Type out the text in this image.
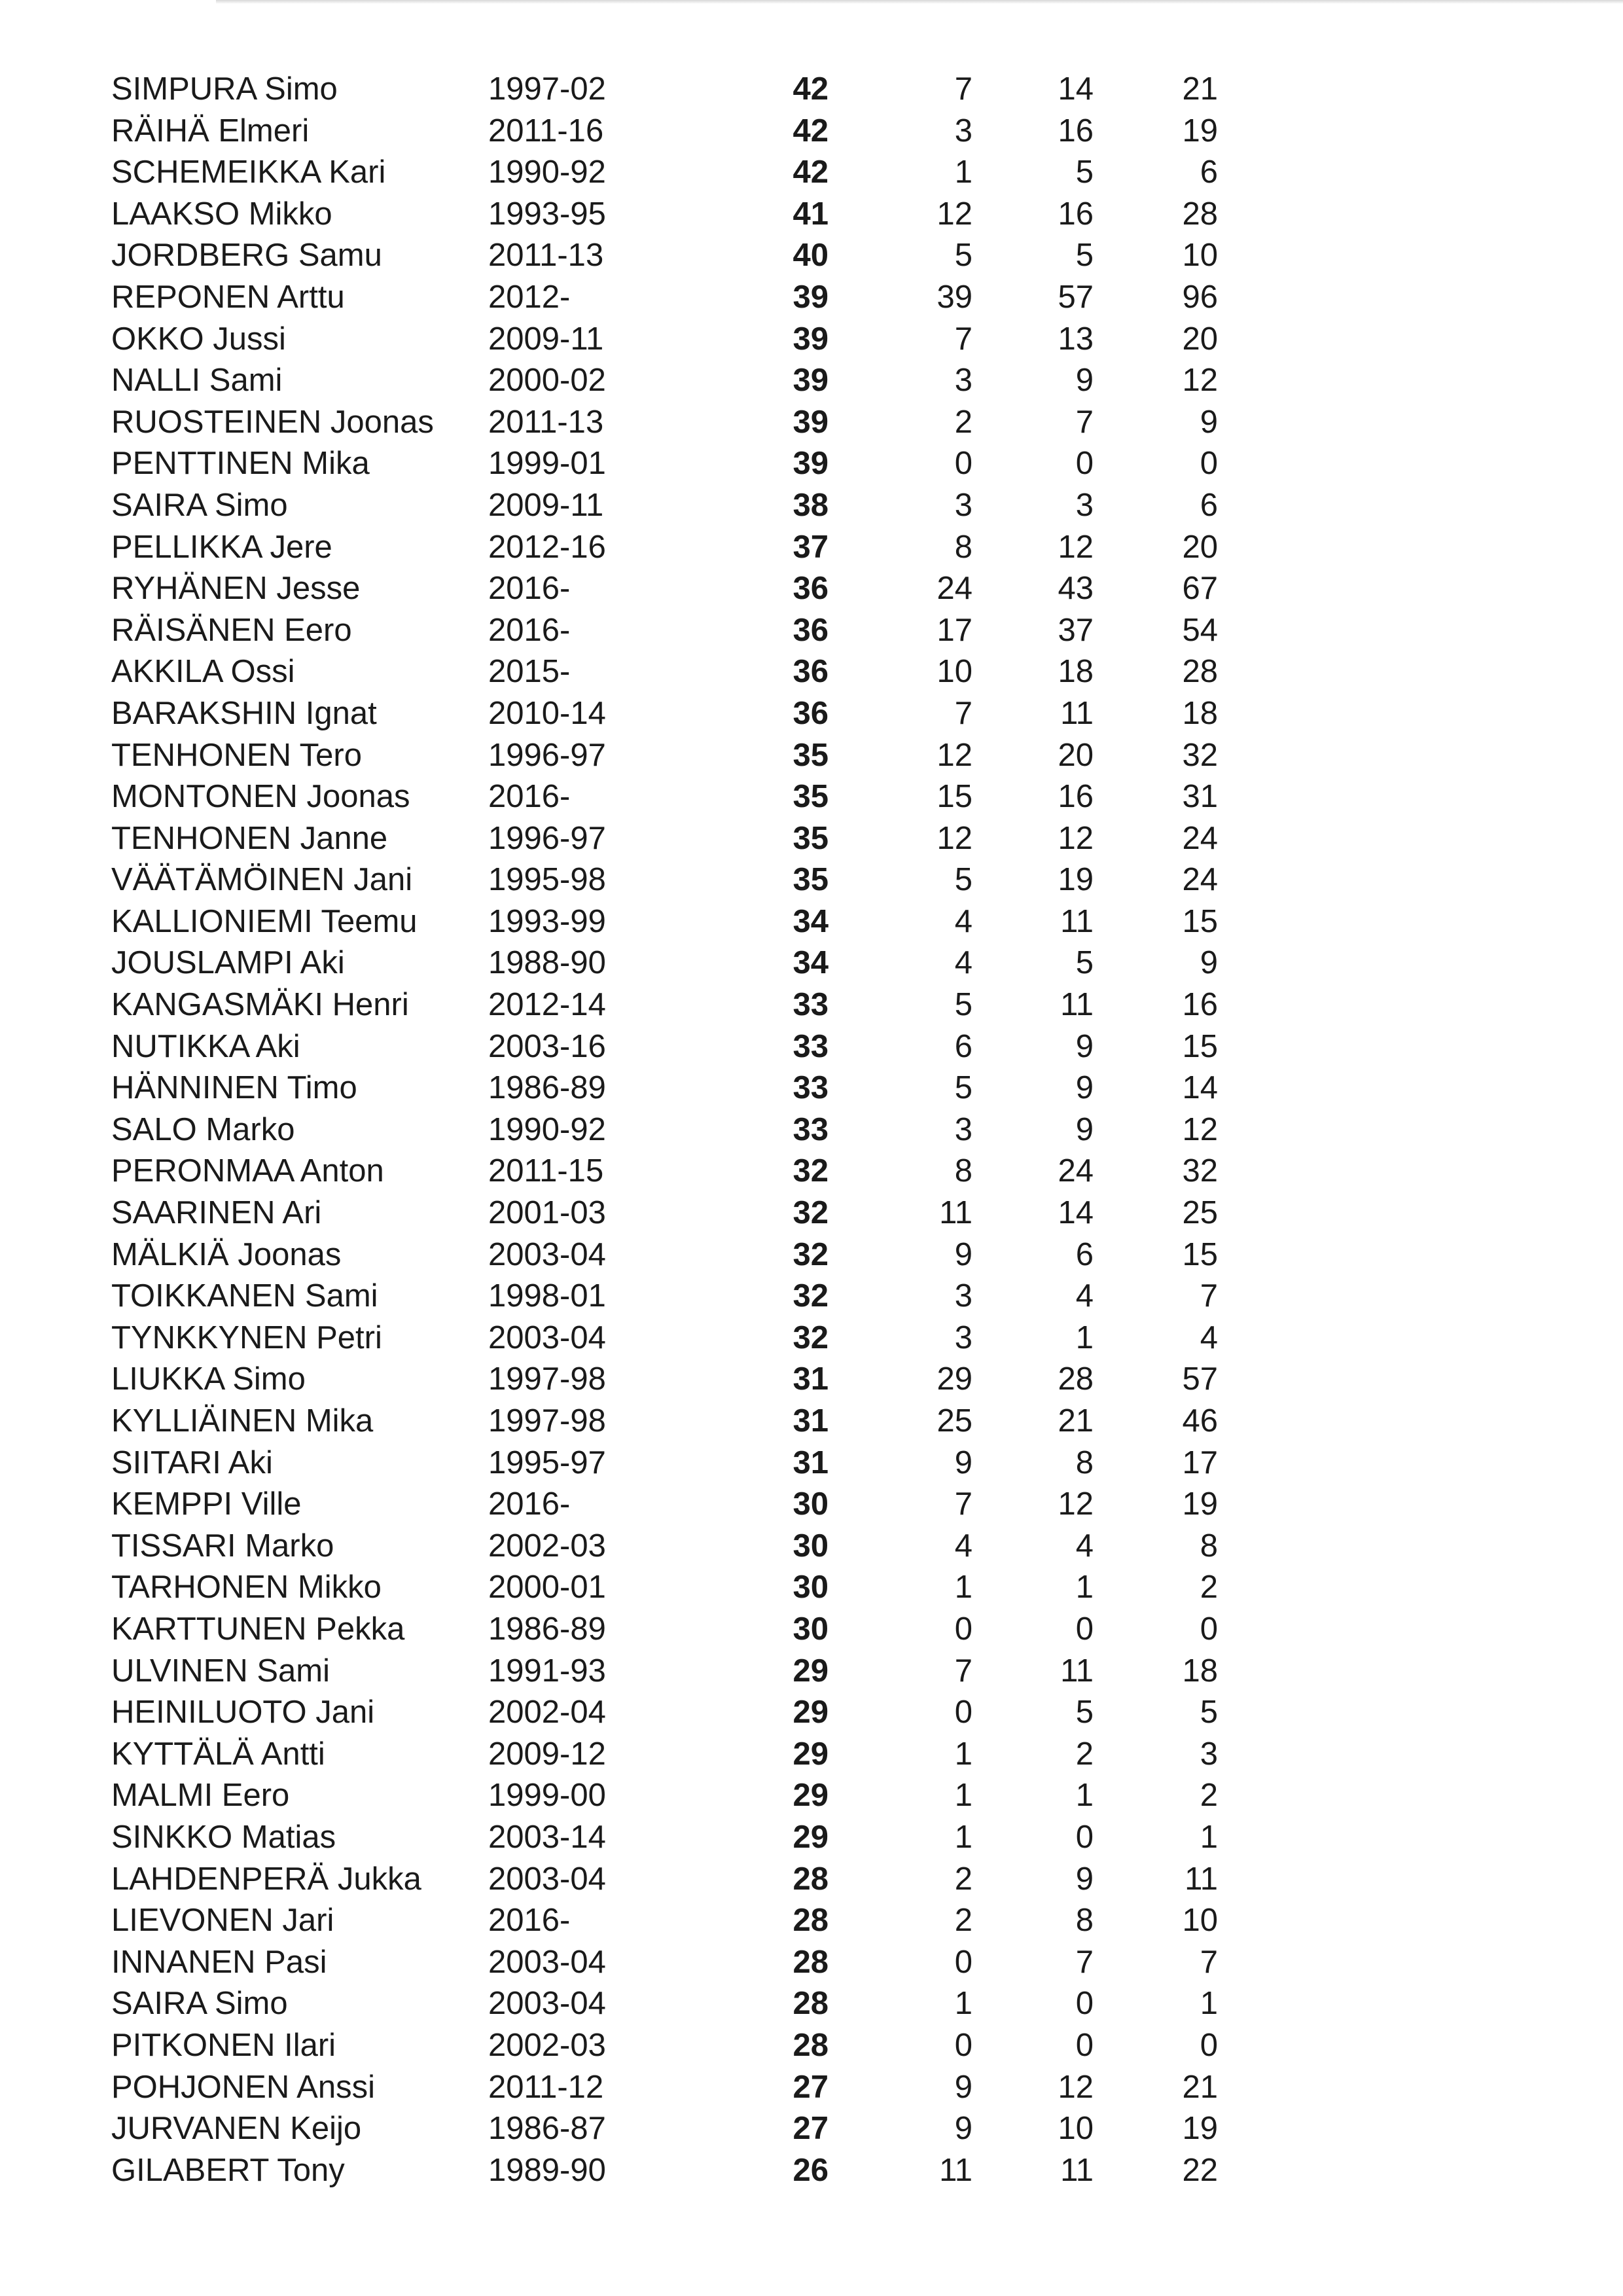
SIMPURA Simo	1997-02	42	7	14	21
RÄIHÄ Elmeri	2011-16	42	3	16	19
SCHEMEIKKA Kari	1990-92	42	1	5	6
LAAKSO Mikko	1993-95	41	12	16	28
JORDBERG Samu	2011-13	40	5	5	10
REPONEN Arttu	2012-	39	39	57	96
OKKO Jussi	2009-11	39	7	13	20
NALLI Sami	2000-02	39	3	9	12
RUOSTEINEN Joonas	2011-13	39	2	7	9
PENTTINEN Mika	1999-01	39	0	0	0
SAIRA Simo	2009-11	38	3	3	6
PELLIKKA Jere	2012-16	37	8	12	20
RYHÄNEN Jesse	2016-	36	24	43	67
RÄISÄNEN Eero	2016-	36	17	37	54
AKKILA Ossi	2015-	36	10	18	28
BARAKSHIN Ignat	2010-14	36	7	11	18
TENHONEN Tero	1996-97	35	12	20	32
MONTONEN Joonas	2016-	35	15	16	31
TENHONEN Janne	1996-97	35	12	12	24
VÄÄTÄMÖINEN Jani	1995-98	35	5	19	24
KALLIONIEMI Teemu	1993-99	34	4	11	15
JOUSLAMPI Aki	1988-90	34	4	5	9
KANGASMÄKI Henri	2012-14	33	5	11	16
NUTIKKA Aki	2003-16	33	6	9	15
HÄNNINEN Timo	1986-89	33	5	9	14
SALO Marko	1990-92	33	3	9	12
PERONMAA Anton	2011-15	32	8	24	32
SAARINEN Ari	2001-03	32	11	14	25
MÄLKIÄ Joonas	2003-04	32	9	6	15
TOIKKANEN Sami	1998-01	32	3	4	7
TYNKKYNEN Petri	2003-04	32	3	1	4
LIUKKA Simo	1997-98	31	29	28	57
KYLLIÄINEN Mika	1997-98	31	25	21	46
SIITARI Aki	1995-97	31	9	8	17
KEMPPI Ville	2016-	30	7	12	19
TISSARI Marko	2002-03	30	4	4	8
TARHONEN Mikko	2000-01	30	1	1	2
KARTTUNEN Pekka	1986-89	30	0	0	0
ULVINEN Sami	1991-93	29	7	11	18
HEINILUOTO Jani	2002-04	29	0	5	5
KYTTÄLÄ Antti	2009-12	29	1	2	3
MALMI Eero	1999-00	29	1	1	2
SINKKO Matias	2003-14	29	1	0	1
LAHDENPERÄ Jukka	2003-04	28	2	9	11
LIEVONEN Jari	2016-	28	2	8	10
INNANEN Pasi	2003-04	28	0	7	7
SAIRA Simo	2003-04	28	1	0	1
PITKONEN Ilari	2002-03	28	0	0	0
POHJONEN Anssi	2011-12	27	9	12	21
JURVANEN Keijo	1986-87	27	9	10	19
GILABERT Tony	1989-90	26	11	11	22
